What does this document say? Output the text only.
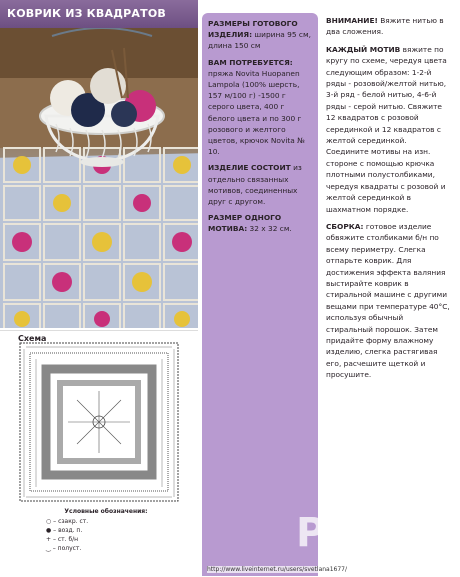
КОВРИК ИЗ КВАДРАТОВ
Схема
Условные обозначения:
○ – сзакр. ст.
● – возд. п.
+ – ст. б/н
‿ – полуст.

РАЗМЕРЫ ГОТОВОГО ИЗДЕЛИЯ: ширина 95 см, длина 150 см

ВАМ ПОТРЕБУЕТСЯ: пряжа Novita Huopanen Lampola (100% шерсть, 157 м/100 г) -1500 г серого цвета, 400 г белого цвета и по 300 г розового и желтого цветов, крючок Novita № 10.

ИЗДЕЛИЕ СОСТОИТ из отдельно связанных мотивов, соединенных друг с другом.

РАЗМЕР ОДНОГО МОТИВА: 32 х 32 см.

ВНИМАНИЕ! Вяжите нитью в два сложения.

КАЖДЫЙ МОТИВ вяжите по кругу по схеме, чередуя цвета следующим образом: 1-2-й ряды - розовой/желтой нитью, 3-й ряд - белой нитью, 4-6-й ряды - серой нитью. Свяжите 12 квадратов с розовой серединкой и 12 квадратов с желтой серединкой. Соедините мотивы на изн. стороне с помощью крючка плотными полустолбиками, чередуя квадраты с розовой и желтой серединкой в шахматном порядке.

СБОРКА: готовое изделие обвяжите столбиками б/н по всему периметру. Слегка отпарьте коврик. Для достижения эффекта валяния выстирайте коврик в стиральной машине с другими вещами при температуре 40°C, используя обычный стиральный порошок. Затем придайте форму влажному изделию, слегка растягивая его, расчешите щеткой и просушите.

Postila
http://www.liveinternet.ru/users/svetlana1677/
